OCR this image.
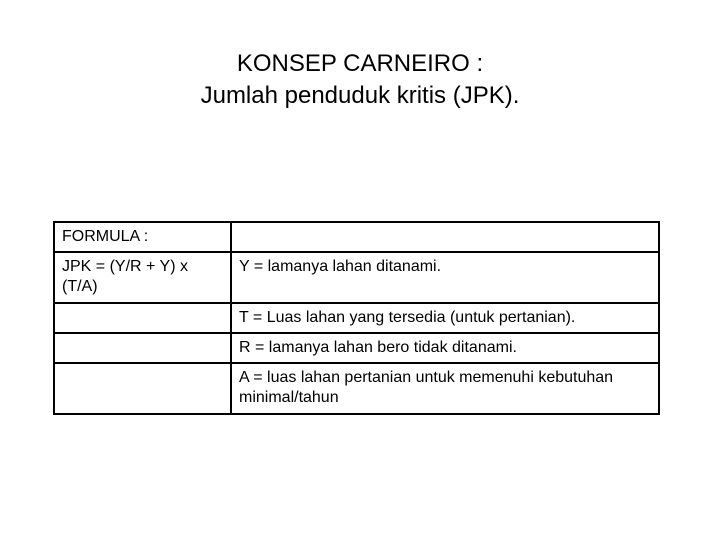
KONSEP CARNEIRO :
Jumlah penduduk kritis (JPK).
FORMULA :	
JPK = (Y/R + Y) x (T/A)	Y = lamanya lahan ditanami.
	T = Luas lahan yang tersedia (untuk pertanian).
	R = lamanya lahan bero tidak ditanami.
	A = luas lahan pertanian untuk memenuhi kebutuhan minimal/tahun
